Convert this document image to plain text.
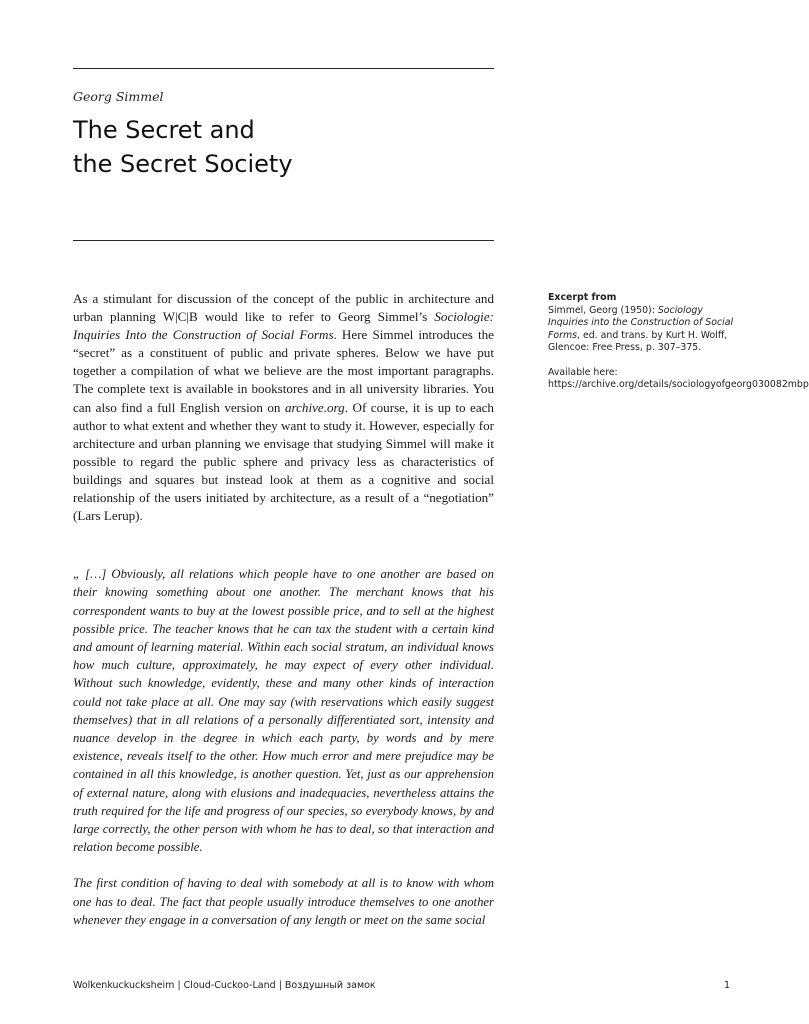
Georg Simmel
The Secret and
the Secret Society

As a stimulant for discussion of the concept of the public in architecture and urban planning W|C|B would like to refer to Georg Simmel’s Sociologie: Inquiries Into the Construction of Social Forms. Here Simmel introduces the “secret” as a constituent of public and private spheres. Below we have put together a compilation of what we believe are the most important paragraphs. The complete text is available in bookstores and in all university libraries. You can also find a full English version on archive.org. Of course, it is up to each author to what extent and whether they want to study it. However, especially for architecture and urban planning we envisage that studying Simmel will make it possible to regard the public sphere and privacy less as characteristics of buildings and squares but instead look at them as a cognitive and social relationship of the users initiated by architecture, as a result of a “negotiation” (Lars Lerup).

„ […] Obviously, all relations which people have to one another are based on their knowing something about one another. The merchant knows that his correspondent wants to buy at the lowest possible price, and to sell at the highest possible price. The teacher knows that he can tax the student with a certain kind and amount of learning material. Within each social stratum, an individual knows how much culture, approximately, he may expect of every other individual. Without such knowledge, evidently, these and many other kinds of interaction could not take place at all. One may say (with reservations which easily suggest themselves) that in all relations of a personally differentiated sort, intensity and nuance develop in the degree in which each party, by words and by mere existence, reveals itself to the other. How much error and mere prejudice may be contained in all this knowledge, is another question. Yet, just as our apprehension of external nature, along with elusions and inadequacies, nevertheless attains the truth required for the life and progress of our species, so everybody knows, by and large correctly, the other person with whom he has to deal, so that interaction and relation become possible.

The first condition of having to deal with somebody at all is to know with whom one has to deal. The fact that people usually introduce themselves to one another whenever they engage in a conversation of any length or meet on the same social

Excerpt from

Simmel, Georg (1950): Sociology Inquiries into the Construction of Social Forms, ed. and trans. by Kurt H. Wolff, Glencoe: Free Press, p. 307–375.

Available here: https://archive.org/details/sociologyofgeorg030082mbp

Wolkenkuckucksheim | Cloud-Cuckoo-Land | Воздушный замок	1
